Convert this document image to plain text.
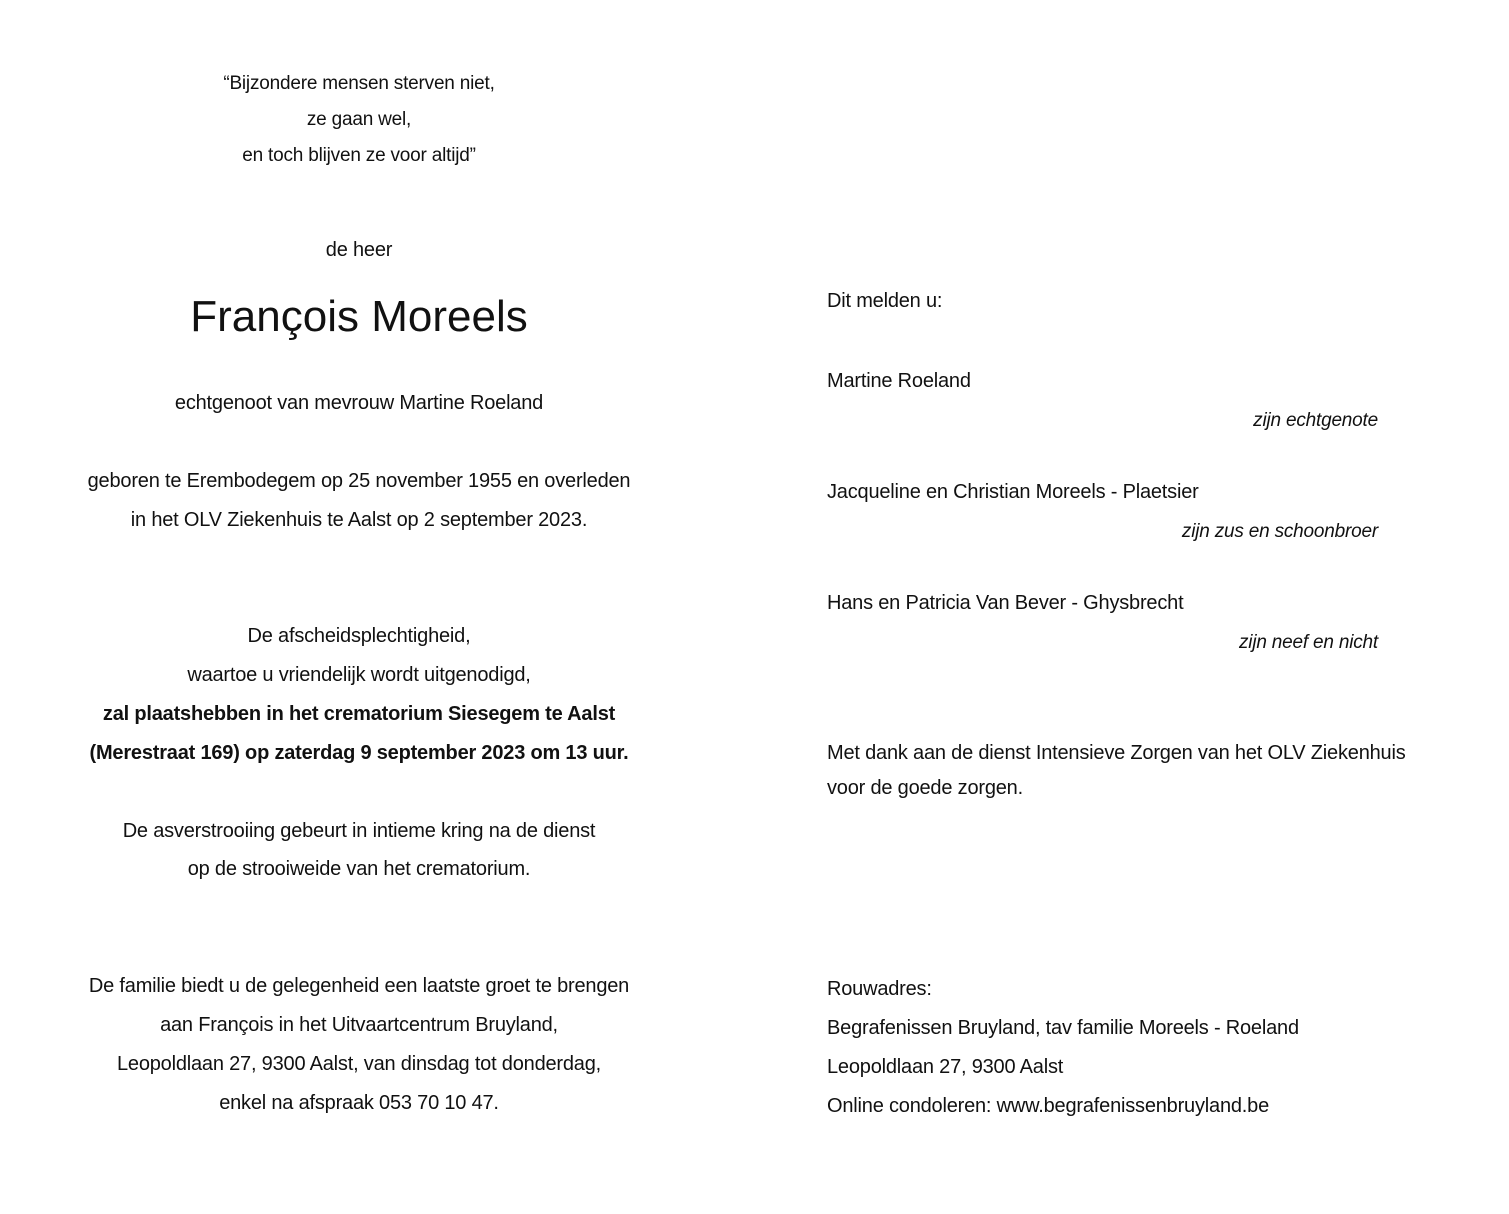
“Bijzondere mensen sterven niet,
ze gaan wel,
en toch blijven ze voor altijd”
de heer
François Moreels
echtgenoot van mevrouw Martine Roeland
geboren te Erembodegem op 25 november 1955 en overleden
in het OLV Ziekenhuis te Aalst op 2 september 2023.
De afscheidsplechtigheid,
waartoe u vriendelijk wordt uitgenodigd,
zal plaatshebben in het crematorium Siesegem te Aalst
(Merestraat 169) op zaterdag 9 september 2023 om 13 uur.
De asverstrooiing gebeurt in intieme kring na de dienst
op de strooiweide van het crematorium.
De familie biedt u de gelegenheid een laatste groet te brengen
aan François in het Uitvaartcentrum Bruyland,
Leopoldlaan 27, 9300 Aalst, van dinsdag tot donderdag,
enkel na afspraak 053 70 10 47.
Dit melden u:
Martine Roeland
zijn echtgenote
Jacqueline en Christian Moreels - Plaetsier
zijn zus en schoonbroer
Hans en Patricia Van Bever - Ghysbrecht
zijn neef en nicht
Met dank aan de dienst Intensieve Zorgen van het OLV Ziekenhuis
voor de goede zorgen.
Rouwadres:
Begrafenissen Bruyland, tav familie Moreels - Roeland
Leopoldlaan 27, 9300 Aalst
Online condoleren: www.begrafenissenbruyland.be
